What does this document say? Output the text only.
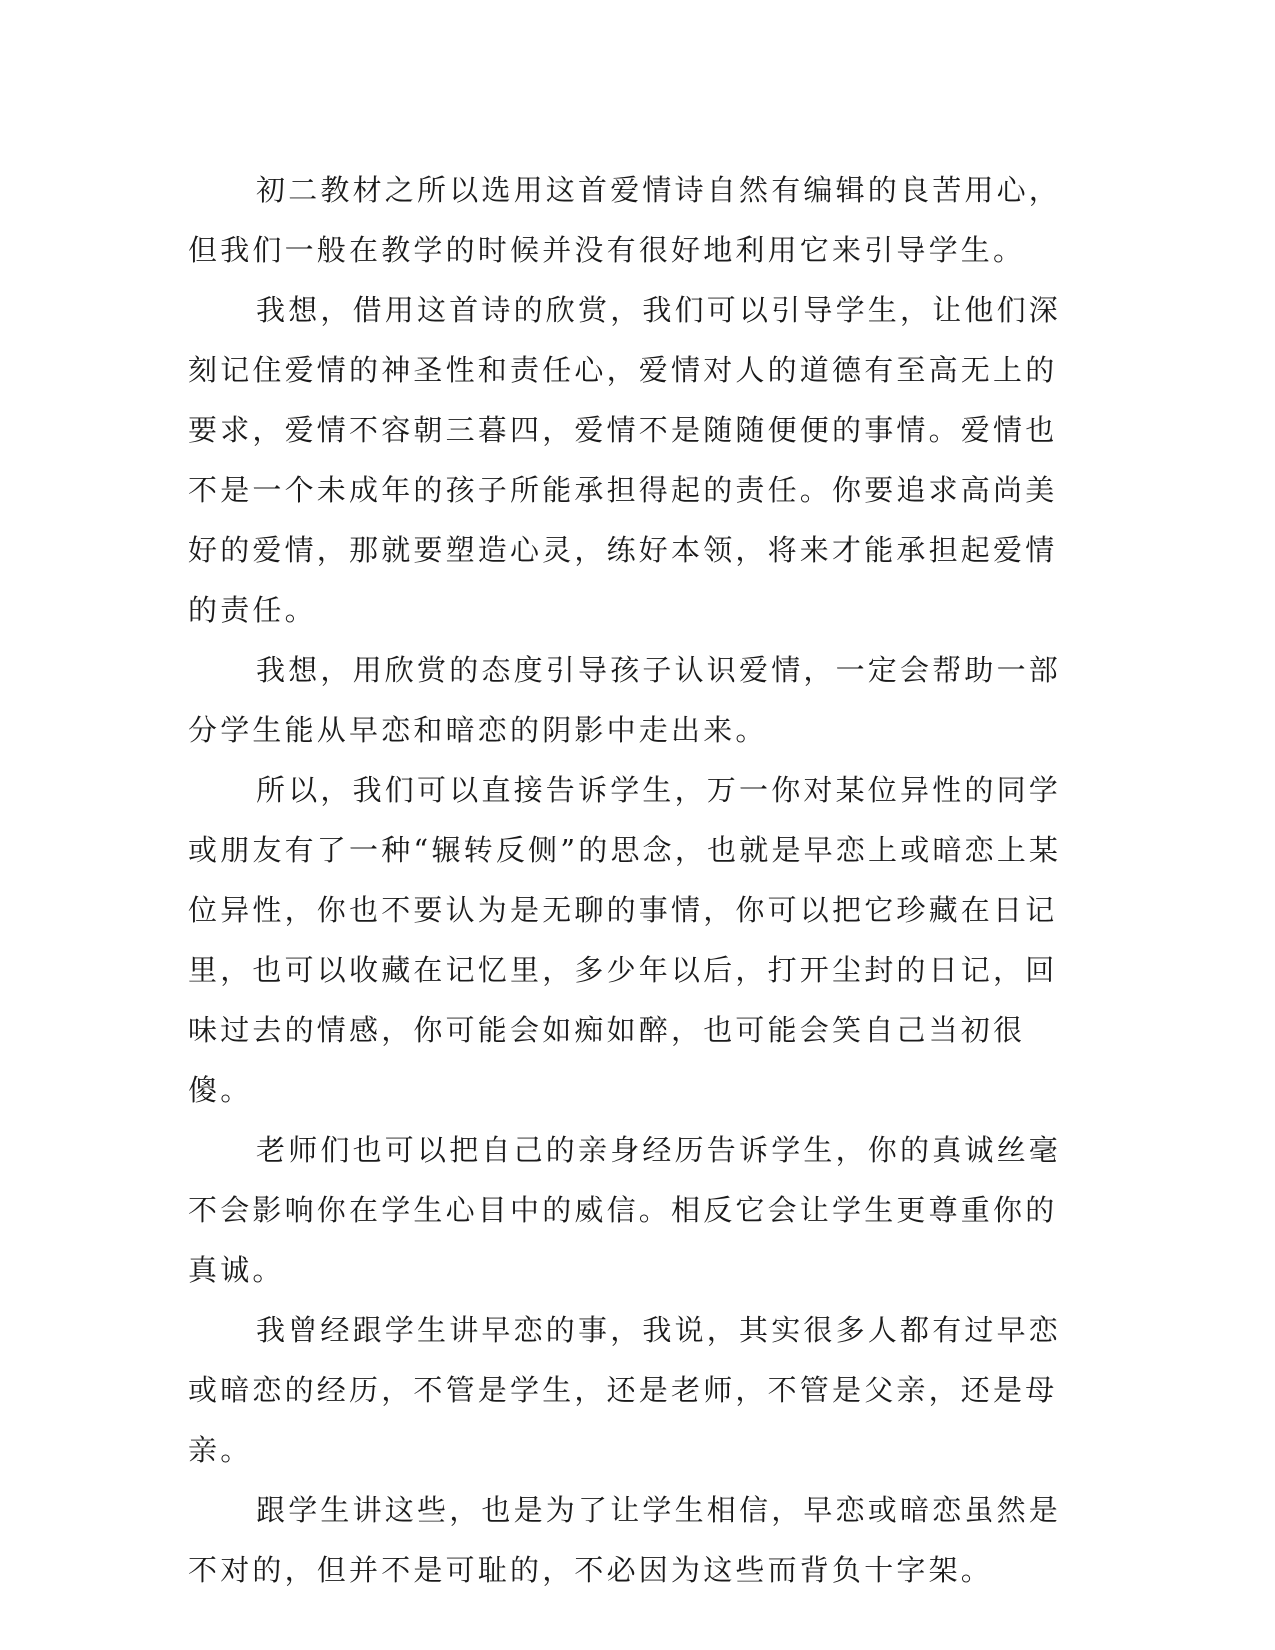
初二教材之所以选用这首爱情诗自然有编辑的良苦用心，但我们一般在教学的时候并没有很好地利用它来引导学生。

我想，借用这首诗的欣赏，我们可以引导学生，让他们深刻记住爱情的神圣性和责任心，爱情对人的道德有至高无上的要求，爱情不容朝三暮四，爱情不是随随便便的事情。爱情也不是一个未成年的孩子所能承担得起的责任。你要追求高尚美好的爱情，那就要塑造心灵，练好本领，将来才能承担起爱情的责任。

我想，用欣赏的态度引导孩子认识爱情，一定会帮助一部分学生能从早恋和暗恋的阴影中走出来。

所以，我们可以直接告诉学生，万一你对某位异性的同学或朋友有了一种“辗转反侧”的思念，也就是早恋上或暗恋上某位异性，你也不要认为是无聊的事情，你可以把它珍藏在日记里，也可以收藏在记忆里，多少年以后，打开尘封的日记，回味过去的情感，你可能会如痴如醉，也可能会笑自己当初很傻。

老师们也可以把自己的亲身经历告诉学生，你的真诚丝毫不会影响你在学生心目中的威信。相反它会让学生更尊重你的真诚。

我曾经跟学生讲早恋的事，我说，其实很多人都有过早恋或暗恋的经历，不管是学生，还是老师，不管是父亲，还是母亲。

跟学生讲这些，也是为了让学生相信，早恋或暗恋虽然是不对的，但并不是可耻的，不必因为这些而背负十字架。
